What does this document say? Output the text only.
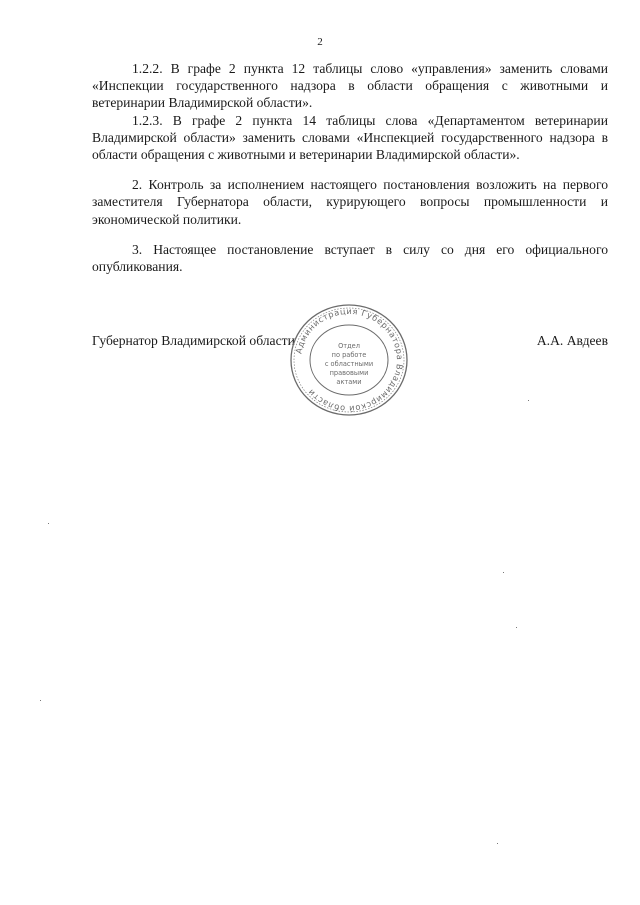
2

1.2.2. В графе 2 пункта 12 таблицы слово «управления» заменить словами «Инспекции государственного надзора в области обращения с животными и ветеринарии Владимирской области».

1.2.3. В графе 2 пункта 14 таблицы слова «Департаментом ветеринарии Владимирской области» заменить словами «Инспекцией государственного надзора в области обращения с животными и ветеринарии Владимирской области».

2. Контроль за исполнением настоящего постановления возложить на первого заместителя Губернатора области, курирующего вопросы промышленности и экономической политики.

3. Настоящее постановление вступает в силу со дня его официального опубликования.

Губернатор Владимирской области	А.А. Авдеев
Администрация Губернатора Владимирской области
Отдел
по работе
с областными
правовыми
актами
